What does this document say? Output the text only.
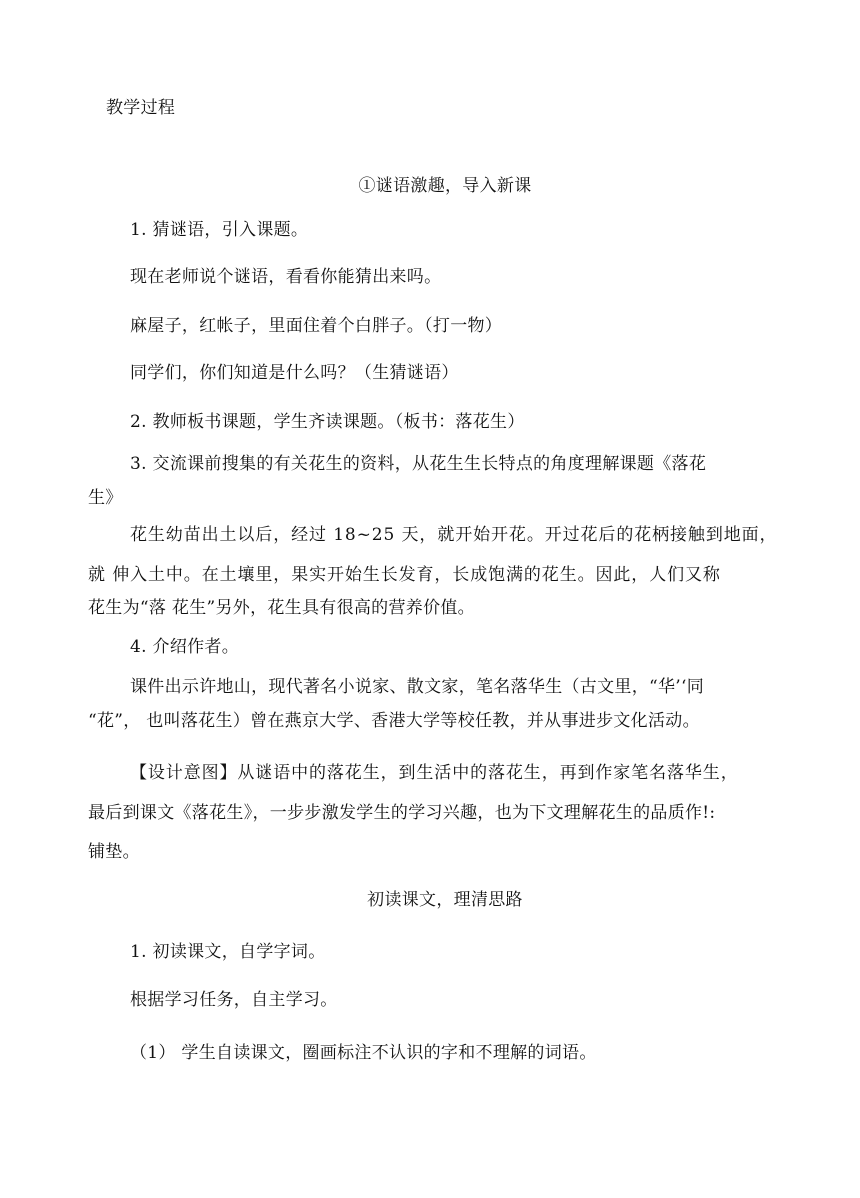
教学过程
①谜语激趣，导入新课
1. 猜谜语，引入课题。
现在老师说个谜语，看看你能猜出来吗。
麻屋子，红帐子，里面住着个白胖子。（打一物）
同学们，你们知道是什么吗？（生猜谜语）
2. 教师板书课题，学生齐读课题。（板书：落花生）
3. 交流课前搜集的有关花生的资料，从花生生长特点的角度理解课题《落花
生》
花生幼苗出土以后，经过 18~25 天，就开始开花。开过花后的花柄接触到地面，
就 伸入土中。在土壤里，果实开始生长发育，长成饱满的花生。因此，人们又称
花生为“落 花生”另外，花生具有很高的营养价值。
4. 介绍作者。
课件出示许地山，现代著名小说家、散文家，笔名落华生（古文里，“华’‘同
“花”， 也叫落花生）曾在燕京大学、香港大学等校任教，并从事进步文化活动。
【设计意图】从谜语中的落花生，到生活中的落花生，再到作家笔名落华生，
最后到课文《落花生》，一步步激发学生的学习兴趣，也为下文理解花生的品质作!:
铺垫。
初读课文，理清思路
1. 初读课文，自学字词。
根据学习任务，自主学习。
（1） 学生自读课文，圈画标注不认识的字和不理解的词语。
